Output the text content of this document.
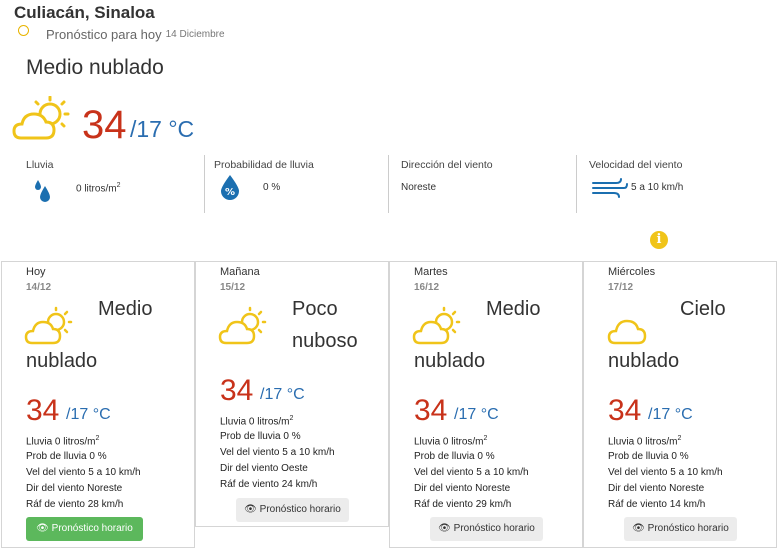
Culiacán, Sinaloa
Pronóstico para hoy 14 Diciembre
Medio nublado
34 /17 °C
Lluvia
0 litros/$m^2$
Probabilidad de lluvia
%	0 %
Dirección del viento
Noreste
Velocidad del viento
5 a 10 km/h
i
Hoy
14/12
Medio
nublado
34 /17 °C
Lluvia 0 litros/$m^2$
Prob de lluvia 0 %
Vel del viento 5 a 10 km/h
Dir del viento Noreste
Ráf de viento 28 km/h
👁 Pronóstico horario
Mañana
15/12
Poco
nuboso
34 /17 °C
Lluvia 0 litros/$m^2$
Prob de lluvia 0 %
Vel del viento 5 a 10 km/h
Dir del viento Oeste
Ráf de viento 24 km/h
👁 Pronóstico horario
Martes
16/12
Medio
nublado
34 /17 °C
Lluvia 0 litros/$m^2$
Prob de lluvia 0 %
Vel del viento 5 a 10 km/h
Dir del viento Noreste
Ráf de viento 29 km/h
👁 Pronóstico horario
Miércoles
17/12
Cielo
nublado
34 /17 °C
Lluvia 0 litros/$m^2$
Prob de lluvia 0 %
Vel del viento 5 a 10 km/h
Dir del viento Noreste
Ráf de viento 14 km/h
👁 Pronóstico horario
